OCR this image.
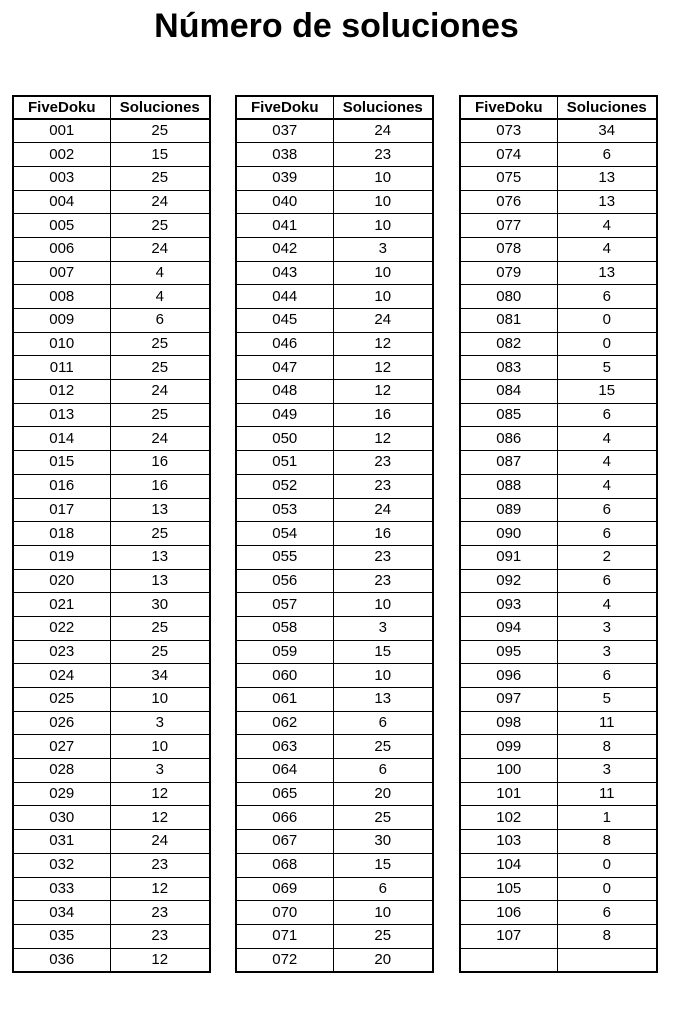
Número de soluciones
FiveDoku	Soluciones
001	25
002	15
003	25
004	24
005	25
006	24
007	4
008	4
009	6
010	25
011	25
012	24
013	25
014	24
015	16
016	16
017	13
018	25
019	13
020	13
021	30
022	25
023	25
024	34
025	10
026	3
027	10
028	3
029	12
030	12
031	24
032	23
033	12
034	23
035	23
036	12
FiveDoku	Soluciones
037	24
038	23
039	10
040	10
041	10
042	3
043	10
044	10
045	24
046	12
047	12
048	12
049	16
050	12
051	23
052	23
053	24
054	16
055	23
056	23
057	10
058	3
059	15
060	10
061	13
062	6
063	25
064	6
065	20
066	25
067	30
068	15
069	6
070	10
071	25
072	20
FiveDoku	Soluciones
073	34
074	6
075	13
076	13
077	4
078	4
079	13
080	6
081	0
082	0
083	5
084	15
085	6
086	4
087	4
088	4
089	6
090	6
091	2
092	6
093	4
094	3
095	3
096	6
097	5
098	11
099	8
100	3
101	11
102	1
103	8
104	0
105	0
106	6
107	8
